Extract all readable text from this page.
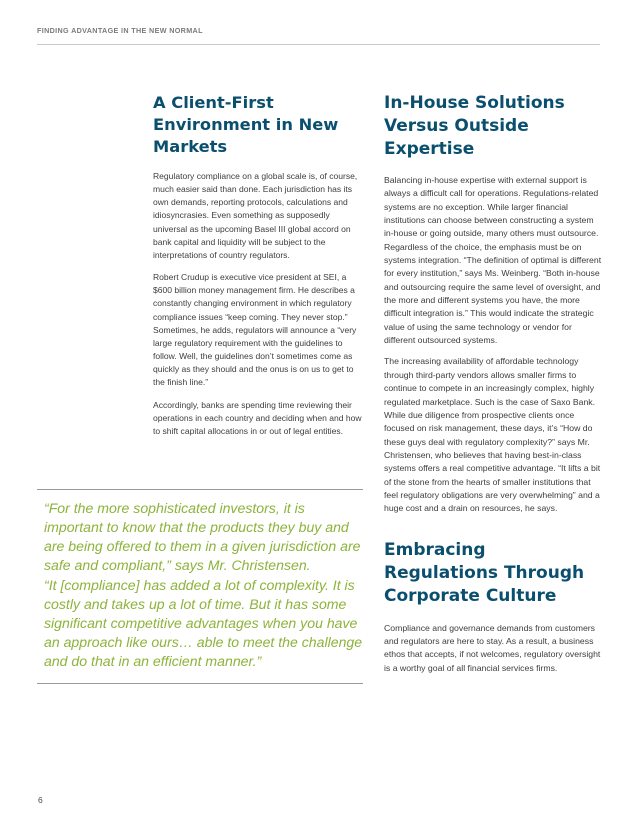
FINDING ADVANTAGE IN THE NEW NORMAL
A Client-First Environment in New Markets

Regulatory compliance on a global scale is, of course, much easier said than done. Each jurisdiction has its own demands, reporting protocols, calculations and idiosyncrasies. Even something as supposedly universal as the upcoming Basel III global accord on bank capital and liquidity will be subject to the interpretations of country regulators.

Robert Crudup is executive vice president at SEI, a $600 billion money management firm. He describes a constantly changing environment in which regulatory compliance issues “keep coming. They never stop.” Sometimes, he adds, regulators will announce a “very large regulatory requirement with the guidelines to follow. Well, the guidelines don’t sometimes come as quickly as they should and the onus is on us to get to the finish line.”

Accordingly, banks are spending time reviewing their operations in each country and deciding when and how to shift capital allocations in or out of legal entities.

“For the more sophisticated investors, it is important to know that the products they buy and are being offered to them in a given jurisdiction are safe and compliant,” says Mr. Christensen.
“It [compliance] has added a lot of complexity. It is costly and takes up a lot of time. But it has some significant competitive advantages when you have an approach like ours… able to meet the challenge and do that in an efficient manner.”
In-House Solutions Versus Outside Expertise

Balancing in-house expertise with external support is always a difficult call for operations. Regulations-related systems are no exception. While larger financial institutions can choose between constructing a system in-house or going outside, many others must outsource. Regardless of the choice, the emphasis must be on systems integration. “The definition of optimal is different for every institution,” says Ms. Weinberg. “Both in-house and outsourcing require the same level of oversight, and the more and different systems you have, the more difficult integration is.” This would indicate the strategic value of using the same technology or vendor for different outsourced systems.

The increasing availability of affordable technology through third-party vendors allows smaller firms to continue to compete in an increasingly complex, highly regulated marketplace. Such is the case of Saxo Bank. While due diligence from prospective clients once focused on risk management, these days, it’s “How do these guys deal with regulatory complexity?” says Mr. Christensen, who believes that having best-in-class systems offers a real competitive advantage. “It lifts a bit of the stone from the hearts of smaller institutions that feel regulatory obligations are very overwhelming” and a huge cost and a drain on resources, he says.

Embracing Regulations Through Corporate Culture

Compliance and governance demands from customers and regulators are here to stay. As a result, a business ethos that accepts, if not welcomes, regulatory oversight is a worthy goal of all financial services firms.

6
